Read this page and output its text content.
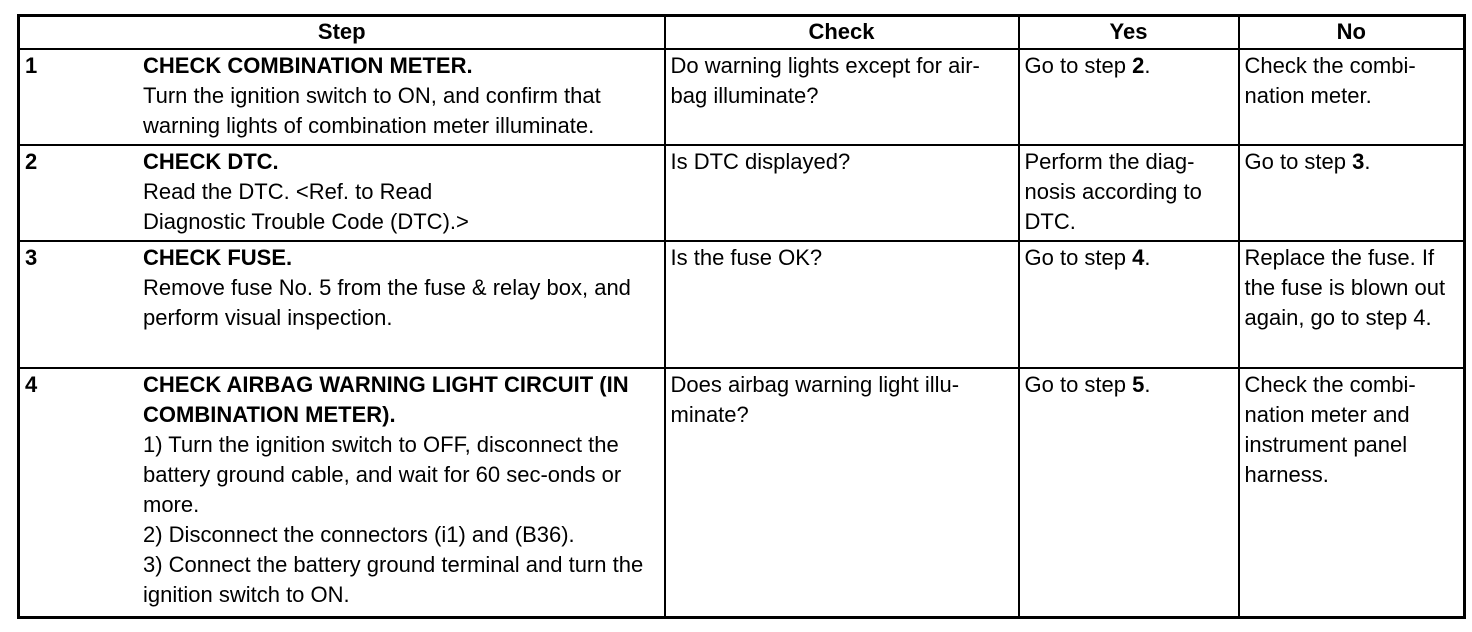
Step	Check	Yes	No
1 CHECK COMBINATION METER.
Turn the ignition switch to ON, and confirm that warning lights of combination meter illuminate.	Do warning lights except for air-bag illuminate?	Go to step 2.	Check the combi-nation meter.
2 CHECK DTC.
Read the DTC. <Ref. to Read Diagnostic Trouble Code (DTC).>	Is DTC displayed?	Perform the diag-nosis according to DTC.	Go to step 3.
3 CHECK FUSE.
Remove fuse No. 5 from the fuse & relay box, and perform visual inspection.	Is the fuse OK?	Go to step 4.	Replace the fuse. If the fuse is blown out again, go to step 4.
4 CHECK AIRBAG WARNING LIGHT CIRCUIT (IN COMBINATION METER).
1) Turn the ignition switch to OFF, disconnect the battery ground cable, and wait for 60 sec-onds or more.
2) Disconnect the connectors (i1) and (B36).
3) Connect the battery ground terminal and turn the ignition switch to ON.	Does airbag warning light illu-minate?	Go to step 5.	Check the combi-nation meter and instrument panel harness.
